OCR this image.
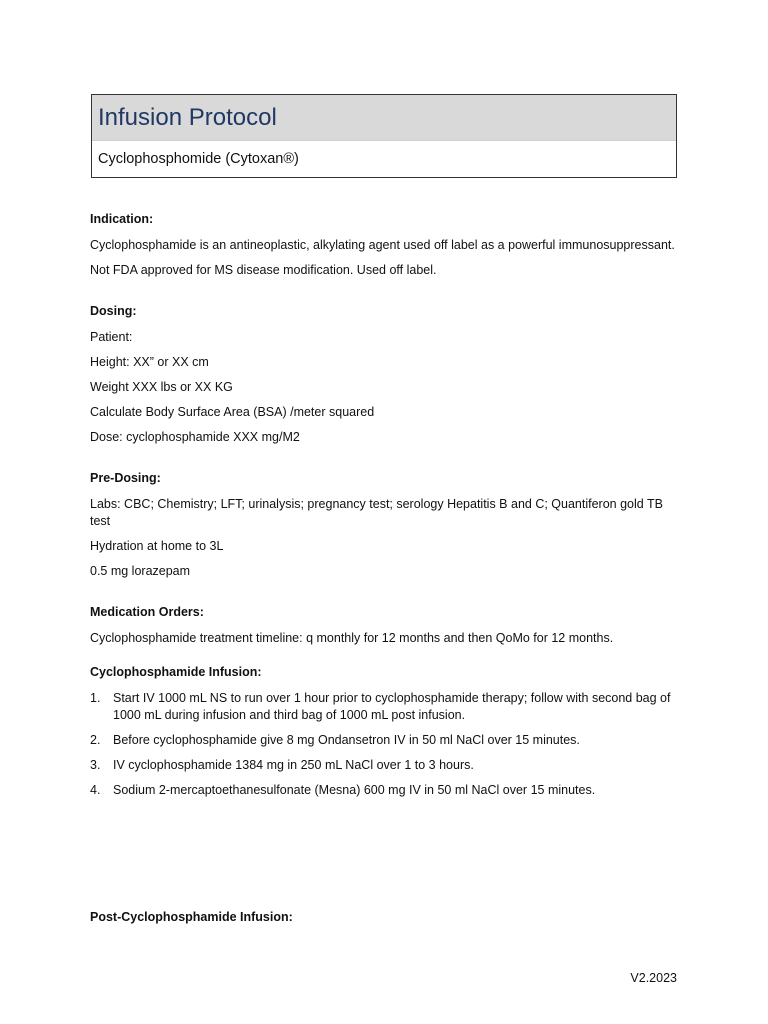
Infusion Protocol
Cyclophosphomide (Cytoxan®)
Indication:
Cyclophosphamide is an antineoplastic, alkylating agent used off label as a powerful immunosuppressant.
Not FDA approved for MS disease modification. Used off label.
Dosing:
Patient:
Height: XX” or XX cm
Weight XXX lbs or XX KG
Calculate Body Surface Area (BSA) /meter squared
Dose: cyclophosphamide XXX mg/M2
Pre-Dosing:
Labs: CBC; Chemistry; LFT; urinalysis; pregnancy test; serology Hepatitis B and C; Quantiferon gold TB test
Hydration at home to 3L
0.5 mg lorazepam
Medication Orders:
Cyclophosphamide treatment timeline: q monthly for 12 months and then QoMo for 12 months.
Cyclophosphamide Infusion:
1.	Start IV 1000 mL NS to run over 1 hour prior to cyclophosphamide therapy; follow with second bag of 1000 mL during infusion and third bag of 1000 mL post infusion.
2.	Before cyclophosphamide give 8 mg Ondansetron IV in 50 ml NaCl over 15 minutes.
3.	IV cyclophosphamide 1384 mg in 250 mL NaCl over 1 to 3 hours.
4.	Sodium 2-mercaptoethanesulfonate (Mesna) 600 mg IV in 50 ml NaCl over 15 minutes.
Post-Cyclophosphamide Infusion:
V2.2023
